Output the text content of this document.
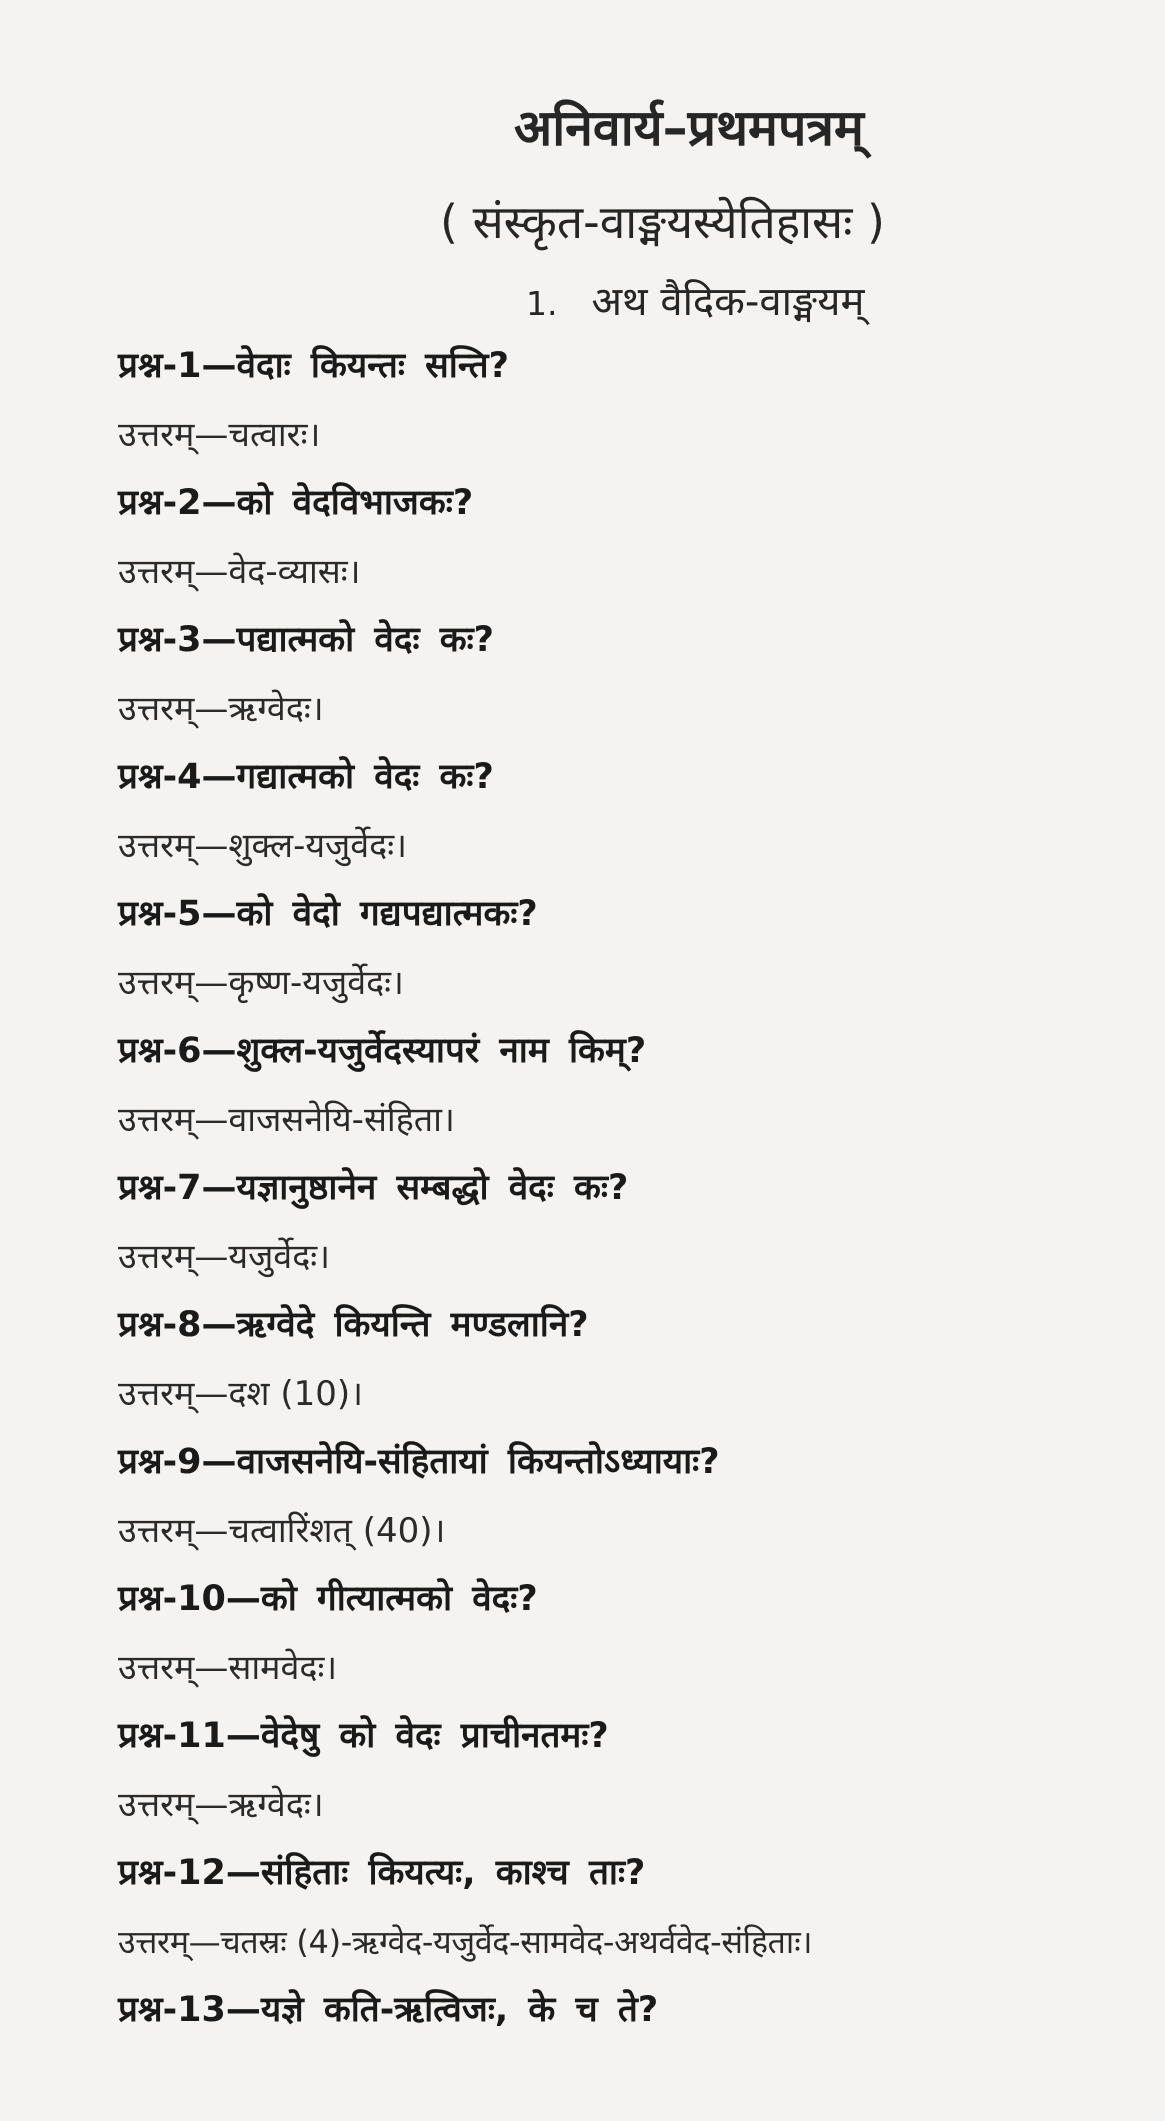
अनिवार्य–प्रथमपत्रम्
( संस्कृत-वाङ्मयस्येतिहासः )
1. अथ वैदिक-वाङ्मयम्
प्रश्न-1—वेदाः कियन्तः सन्ति?
उत्तरम्—चत्वारः।
प्रश्न-2—को वेदविभाजकः?
उत्तरम्—वेद-व्यासः।
प्रश्न-3—पद्यात्मको वेदः कः?
उत्तरम्—ऋग्वेदः।
प्रश्न-4—गद्यात्मको वेदः कः?
उत्तरम्—शुक्ल-यजुर्वेदः।
प्रश्न-5—को वेदो गद्यपद्यात्मकः?
उत्तरम्—कृष्ण-यजुर्वेदः।
प्रश्न-6—शुक्ल-यजुर्वेदस्यापरं नाम किम्?
उत्तरम्—वाजसनेयि-संहिता।
प्रश्न-7—यज्ञानुष्ठानेन सम्बद्धो वेदः कः?
उत्तरम्—यजुर्वेदः।
प्रश्न-8—ऋग्वेदे कियन्ति मण्डलानि?
उत्तरम्—दश (10)।
प्रश्न-9—वाजसनेयि-संहितायां कियन्तोऽध्यायाः?
उत्तरम्—चत्वारिंशत् (40)।
प्रश्न-10—को गीत्यात्मको वेदः?
उत्तरम्—सामवेदः।
प्रश्न-11—वेदेषु को वेदः प्राचीनतमः?
उत्तरम्—ऋग्वेदः।
प्रश्न-12—संहिताः कियत्यः, काश्च ताः?
उत्तरम्—चतस्रः (4)-ऋग्वेद-यजुर्वेद-सामवेद-अथर्ववेद-संहिताः।
प्रश्न-13—यज्ञे कति-ऋत्विजः, के च ते?
